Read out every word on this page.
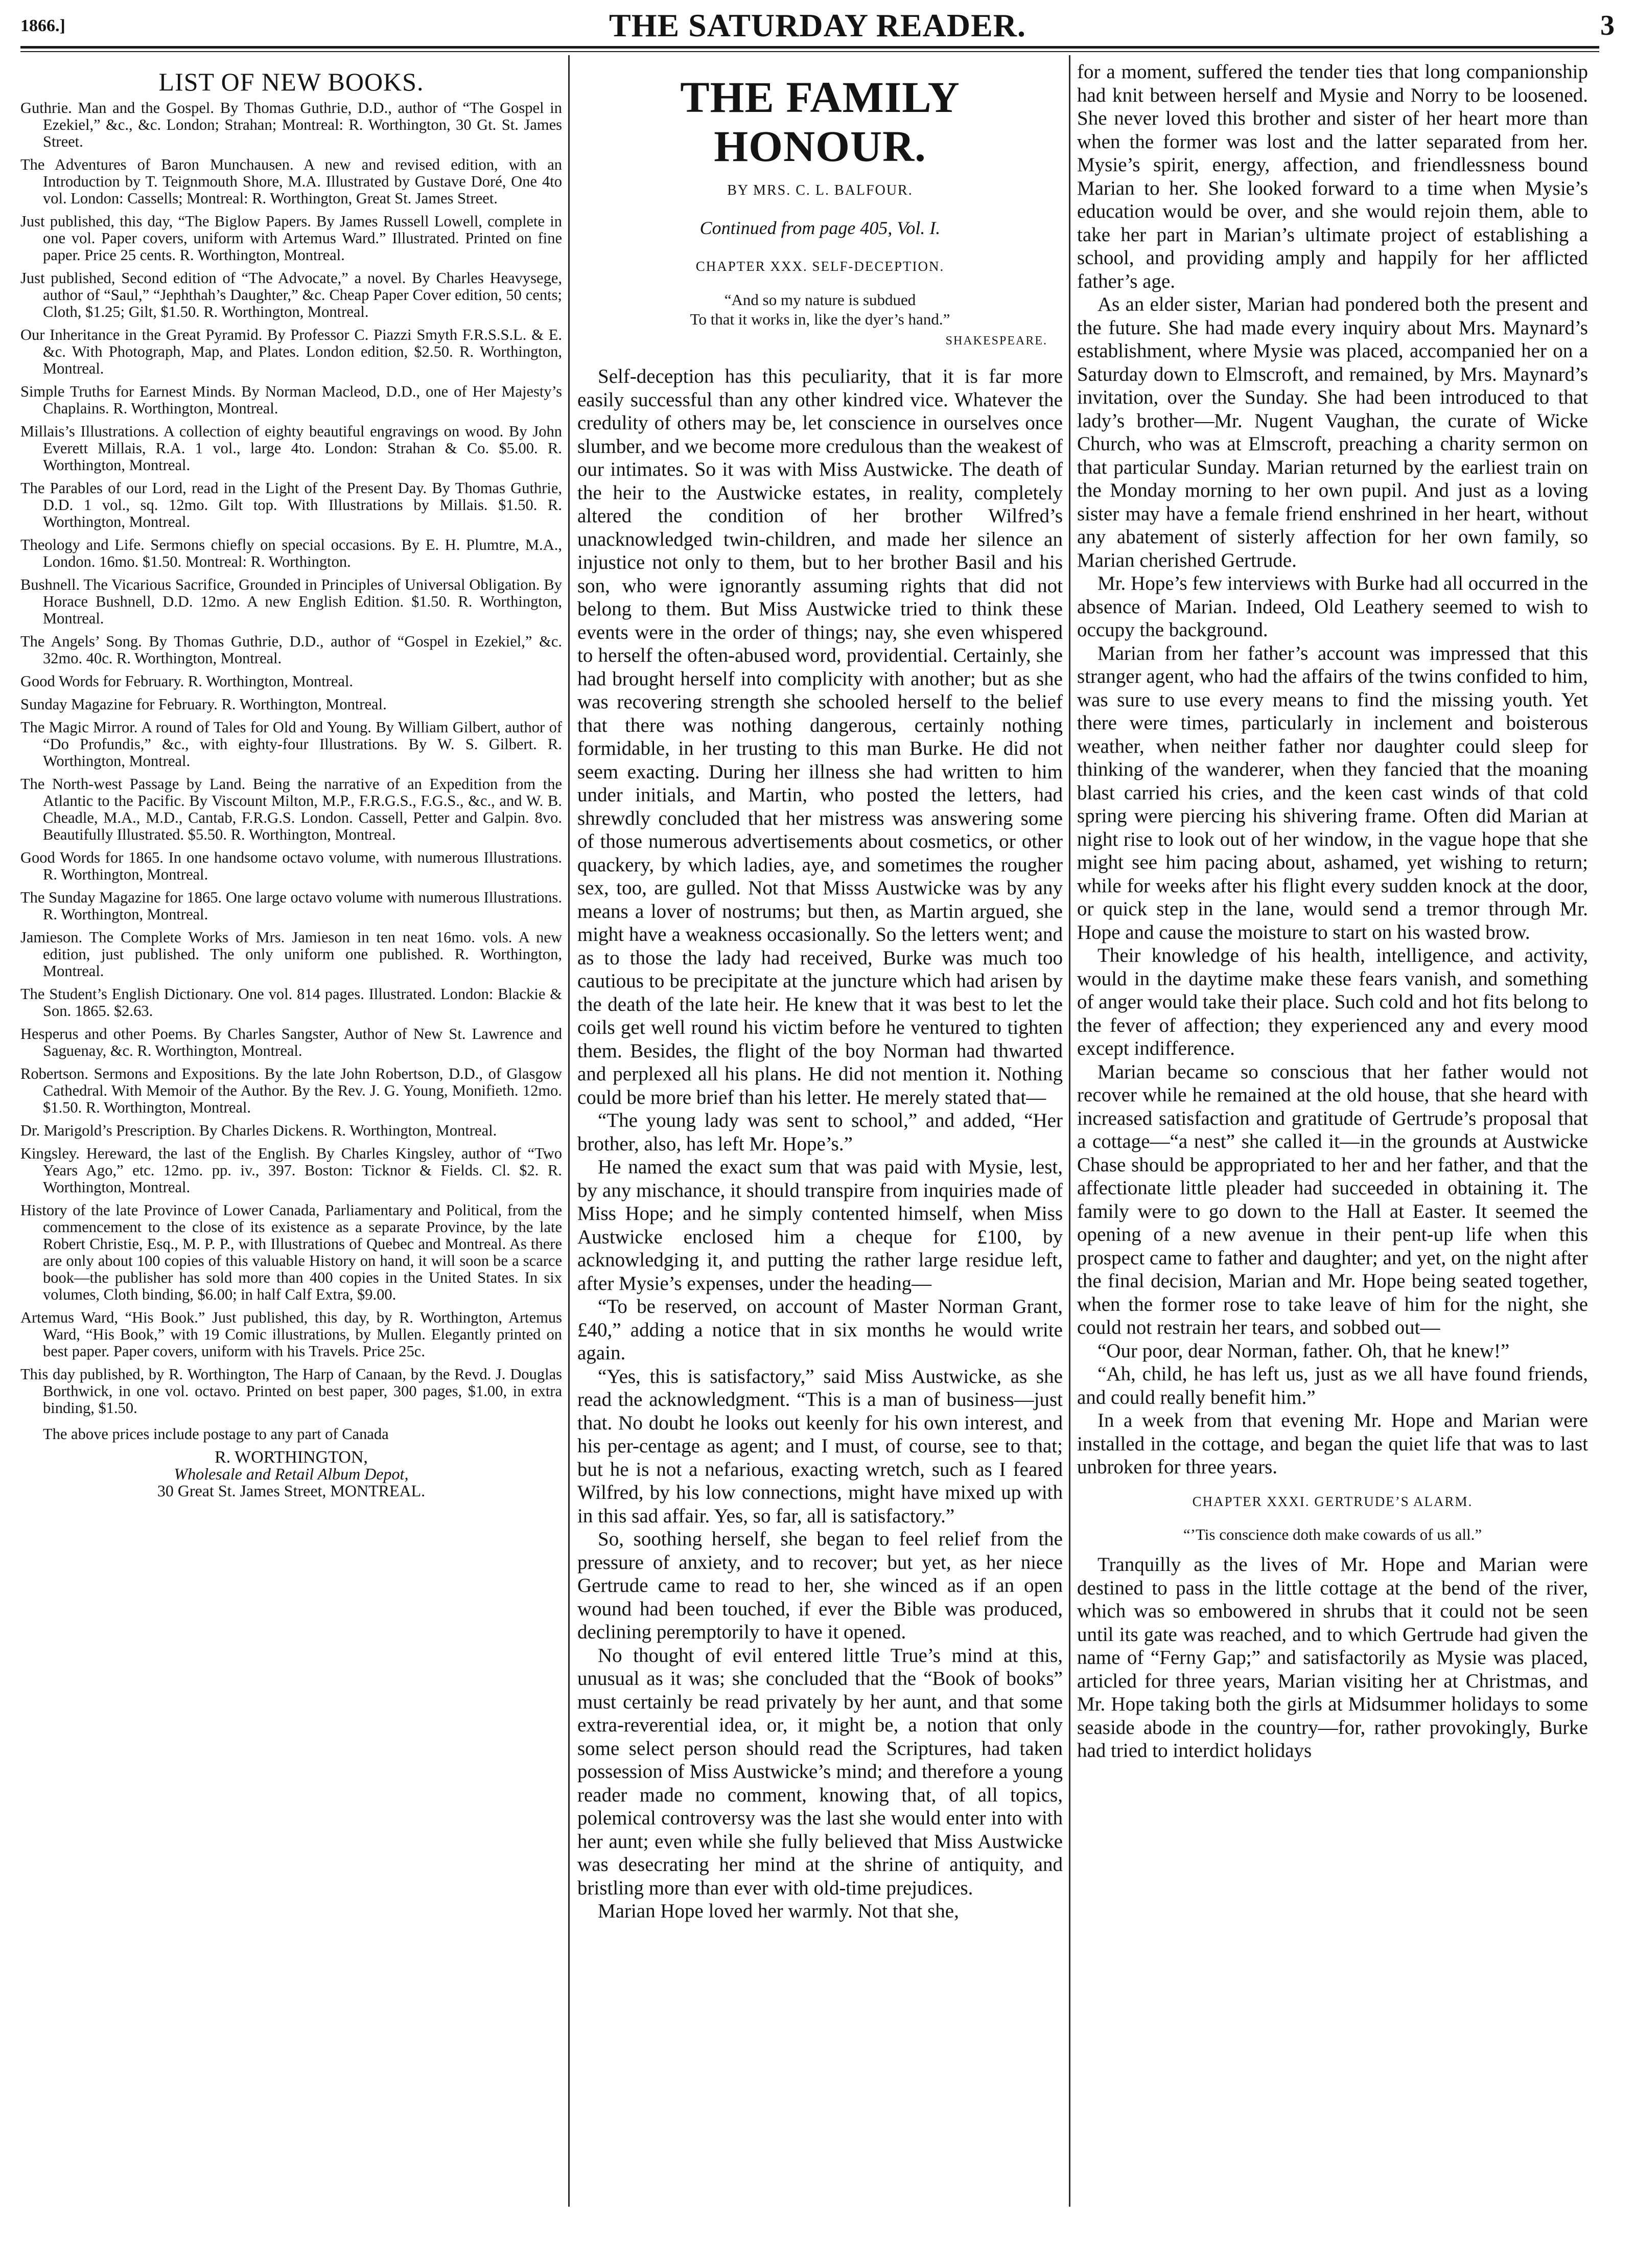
1866.]	THE SATURDAY READER.	3
LIST OF NEW BOOKS.

Guthrie. Man and the Gospel. By Thomas Guthrie, D.D., author of “The Gospel in Ezekiel,” &c., &c. London; Strahan; Montreal: R. Worthington, 30 Gt. St. James Street.

The Adventures of Baron Munchausen. A new and revised edition, with an Introduction by T. Teignmouth Shore, M.A. Illustrated by Gustave Doré, One 4to vol. London: Cassells; Montreal: R. Worthington, Great St. James Street.

Just published, this day, “The Biglow Papers. By James Russell Lowell, complete in one vol. Paper covers, uniform with Artemus Ward.” Illustrated. Printed on fine paper. Price 25 cents. R. Worthington, Montreal.

Just published, Second edition of “The Advocate,” a novel. By Charles Heavysege, author of “Saul,” “Jephthah’s Daughter,” &c. Cheap Paper Cover edition, 50 cents; Cloth, $1.25; Gilt, $1.50. R. Worthington, Montreal.

Our Inheritance in the Great Pyramid. By Professor C. Piazzi Smyth F.R.S.S.L. & E. &c. With Photograph, Map, and Plates. London edition, $2.50. R. Worthington, Montreal.

Simple Truths for Earnest Minds. By Norman Macleod, D.D., one of Her Majesty’s Chaplains. R. Worthington, Montreal.

Millais’s Illustrations. A collection of eighty beautiful engravings on wood. By John Everett Millais, R.A. 1 vol., large 4to. London: Strahan & Co. $5.00. R. Worthington, Montreal.

The Parables of our Lord, read in the Light of the Present Day. By Thomas Guthrie, D.D. 1 vol., sq. 12mo. Gilt top. With Illustrations by Millais. $1.50. R. Worthington, Montreal.

Theology and Life. Sermons chiefly on special occasions. By E. H. Plumtre, M.A., London. 16mo. $1.50. Montreal: R. Worthington.

Bushnell. The Vicarious Sacrifice, Grounded in Principles of Universal Obligation. By Horace Bushnell, D.D. 12mo. A new English Edition. $1.50. R. Worthington, Montreal.

The Angels’ Song. By Thomas Guthrie, D.D., author of “Gospel in Ezekiel,” &c. 32mo. 40c. R. Worthington, Montreal.

Good Words for February. R. Worthington, Montreal.

Sunday Magazine for February. R. Worthington, Montreal.

The Magic Mirror. A round of Tales for Old and Young. By William Gilbert, author of “Do Profundis,” &c., with eighty-four Illustrations. By W. S. Gilbert. R. Worthington, Montreal.

The North-west Passage by Land. Being the narrative of an Expedition from the Atlantic to the Pacific. By Viscount Milton, M.P., F.R.G.S., F.G.S., &c., and W. B. Cheadle, M.A., M.D., Cantab, F.R.G.S. London. Cassell, Petter and Galpin. 8vo. Beautifully Illustrated. $5.50. R. Worthington, Montreal.

Good Words for 1865. In one handsome octavo volume, with numerous Illustrations. R. Worthington, Montreal.

The Sunday Magazine for 1865. One large octavo volume with numerous Illustrations. R. Worthington, Montreal.

Jamieson. The Complete Works of Mrs. Jamieson in ten neat 16mo. vols. A new edition, just published. The only uniform one published. R. Worthington, Montreal.

The Student’s English Dictionary. One vol. 814 pages. Illustrated. London: Blackie & Son. 1865. $2.63.

Hesperus and other Poems. By Charles Sangster, Author of New St. Lawrence and Saguenay, &c. R. Worthington, Montreal.

Robertson. Sermons and Expositions. By the late John Robertson, D.D., of Glasgow Cathedral. With Memoir of the Author. By the Rev. J. G. Young, Monifieth. 12mo. $1.50. R. Worthington, Montreal.

Dr. Marigold’s Prescription. By Charles Dickens. R. Worthington, Montreal.

Kingsley. Hereward, the last of the English. By Charles Kingsley, author of “Two Years Ago,” etc. 12mo. pp. iv., 397. Boston: Ticknor & Fields. Cl. $2. R. Worthington, Montreal.

History of the late Province of Lower Canada, Parliamentary and Political, from the commencement to the close of its existence as a separate Province, by the late Robert Christie, Esq., M. P. P., with Illustrations of Quebec and Montreal. As there are only about 100 copies of this valuable History on hand, it will soon be a scarce book—the publisher has sold more than 400 copies in the United States. In six volumes, Cloth binding, $6.00; in half Calf Extra, $9.00.

Artemus Ward, “His Book.” Just published, this day, by R. Worthington, Artemus Ward, “His Book,” with 19 Comic illustrations, by Mullen. Elegantly printed on best paper. Paper covers, uniform with his Travels. Price 25c.

This day published, by R. Worthington, The Harp of Canaan, by the Revd. J. Douglas Borthwick, in one vol. octavo. Printed on best paper, 300 pages, $1.00, in extra binding, $1.50.

The above prices include postage to any part of Canada
R. WORTHINGTON,
Wholesale and Retail Album Depot,
30 Great St. James Street, MONTREAL.
THE FAMILY HONOUR.
BY MRS. C. L. BALFOUR.
Continued from page 405, Vol. I.
CHAPTER XXX. SELF-DECEPTION.
“And so my nature is subdued
To that it works in, like the dyer’s hand.”
SHAKESPEARE.

Self-deception has this peculiarity, that it is far more easily successful than any other kindred vice. Whatever the credulity of others may be, let conscience in ourselves once slumber, and we become more credulous than the weakest of our intimates. So it was with Miss Austwicke. The death of the heir to the Austwicke estates, in reality, completely altered the condition of her brother Wilfred’s unacknowledged twin-children, and made her silence an injustice not only to them, but to her brother Basil and his son, who were ignorantly assuming rights that did not belong to them. But Miss Austwicke tried to think these events were in the order of things; nay, she even whispered to herself the often-abused word, providential. Certainly, she had brought herself into complicity with another; but as she was recovering strength she schooled herself to the belief that there was nothing dangerous, certainly nothing formidable, in her trusting to this man Burke. He did not seem exacting. During her illness she had written to him under initials, and Martin, who posted the letters, had shrewdly concluded that her mistress was answering some of those numerous advertisements about cosmetics, or other quackery, by which ladies, aye, and sometimes the rougher sex, too, are gulled. Not that Misss Austwicke was by any means a lover of nostrums; but then, as Martin argued, she might have a weakness occasionally. So the letters went; and as to those the lady had received, Burke was much too cautious to be precipitate at the juncture which had arisen by the death of the late heir. He knew that it was best to let the coils get well round his victim before he ventured to tighten them. Besides, the flight of the boy Norman had thwarted and perplexed all his plans. He did not mention it. Nothing could be more brief than his letter. He merely stated that—

“The young lady was sent to school,” and added, “Her brother, also, has left Mr. Hope’s.”

He named the exact sum that was paid with Mysie, lest, by any mischance, it should transpire from inquiries made of Miss Hope; and he simply contented himself, when Miss Austwicke enclosed him a cheque for £100, by acknowledging it, and putting the rather large residue left, after Mysie’s expenses, under the heading—

“To be reserved, on account of Master Norman Grant, £40,” adding a notice that in six months he would write again.

“Yes, this is satisfactory,” said Miss Austwicke, as she read the acknowledgment. “This is a man of business—just that. No doubt he looks out keenly for his own interest, and his per-centage as agent; and I must, of course, see to that; but he is not a nefarious, exacting wretch, such as I feared Wilfred, by his low connections, might have mixed up with in this sad affair. Yes, so far, all is satisfactory.”

So, soothing herself, she began to feel relief from the pressure of anxiety, and to recover; but yet, as her niece Gertrude came to read to her, she winced as if an open wound had been touched, if ever the Bible was produced, declining peremptorily to have it opened.

No thought of evil entered little True’s mind at this, unusual as it was; she concluded that the “Book of books” must certainly be read privately by her aunt, and that some extra-reverential idea, or, it might be, a notion that only some select person should read the Scriptures, had taken possession of Miss Austwicke’s mind; and therefore a young reader made no comment, knowing that, of all topics, polemical controversy was the last she would enter into with her aunt; even while she fully believed that Miss Austwicke was desecrating her mind at the shrine of antiquity, and bristling more than ever with old-time prejudices.

Marian Hope loved her warmly. Not that she,

for a moment, suffered the tender ties that long companionship had knit between herself and Mysie and Norry to be loosened. She never loved this brother and sister of her heart more than when the former was lost and the latter separated from her. Mysie’s spirit, energy, affection, and friendlessness bound Marian to her. She looked forward to a time when Mysie’s education would be over, and she would rejoin them, able to take her part in Marian’s ultimate project of establishing a school, and providing amply and happily for her afflicted father’s age.

As an elder sister, Marian had pondered both the present and the future. She had made every inquiry about Mrs. Maynard’s establishment, where Mysie was placed, accompanied her on a Saturday down to Elmscroft, and remained, by Mrs. Maynard’s invitation, over the Sunday. She had been introduced to that lady’s brother—Mr. Nugent Vaughan, the curate of Wicke Church, who was at Elmscroft, preaching a charity sermon on that particular Sunday. Marian returned by the earliest train on the Monday morning to her own pupil. And just as a loving sister may have a female friend enshrined in her heart, without any abatement of sisterly affection for her own family, so Marian cherished Gertrude.

Mr. Hope’s few interviews with Burke had all occurred in the absence of Marian. Indeed, Old Leathery seemed to wish to occupy the background.

Marian from her father’s account was impressed that this stranger agent, who had the affairs of the twins confided to him, was sure to use every means to find the missing youth. Yet there were times, particularly in inclement and boisterous weather, when neither father nor daughter could sleep for thinking of the wanderer, when they fancied that the moaning blast carried his cries, and the keen cast winds of that cold spring were piercing his shivering frame. Often did Marian at night rise to look out of her window, in the vague hope that she might see him pacing about, ashamed, yet wishing to return; while for weeks after his flight every sudden knock at the door, or quick step in the lane, would send a tremor through Mr. Hope and cause the moisture to start on his wasted brow.

Their knowledge of his health, intelligence, and activity, would in the daytime make these fears vanish, and something of anger would take their place. Such cold and hot fits belong to the fever of affection; they experienced any and every mood except indifference.

Marian became so conscious that her father would not recover while he remained at the old house, that she heard with increased satisfaction and gratitude of Gertrude’s proposal that a cottage—“a nest” she called it—in the grounds at Austwicke Chase should be appropriated to her and her father, and that the affectionate little pleader had succeeded in obtaining it. The family were to go down to the Hall at Easter. It seemed the opening of a new avenue in their pent-up life when this prospect came to father and daughter; and yet, on the night after the final decision, Marian and Mr. Hope being seated together, when the former rose to take leave of him for the night, she could not restrain her tears, and sobbed out—

“Our poor, dear Norman, father. Oh, that he knew!”

“Ah, child, he has left us, just as we all have found friends, and could really benefit him.”

In a week from that evening Mr. Hope and Marian were installed in the cottage, and began the quiet life that was to last unbroken for three years.

CHAPTER XXXI. GERTRUDE’S ALARM.
“’Tis conscience doth make cowards of us all.”

Tranquilly as the lives of Mr. Hope and Marian were destined to pass in the little cottage at the bend of the river, which was so embowered in shrubs that it could not be seen until its gate was reached, and to which Gertrude had given the name of “Ferny Gap;” and satisfactorily as Mysie was placed, articled for three years, Marian visiting her at Christmas, and Mr. Hope taking both the girls at Midsummer holidays to some seaside abode in the country—for, rather provokingly, Burke had tried to interdict holidays
